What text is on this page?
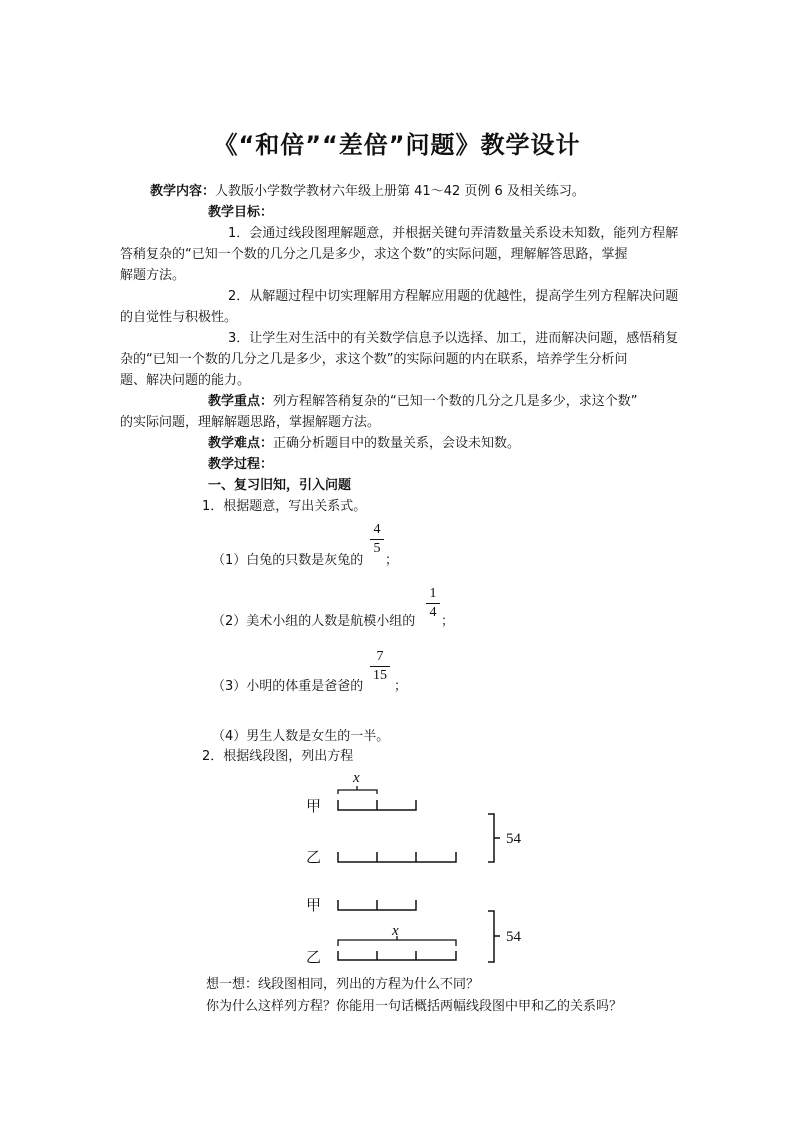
《“和倍”“差倍”问题》教学设计
教学内容：人教版小学数学教材六年级上册第 41～42 页例 6 及相关练习。
教学目标：
1．会通过线段图理解题意，并根据关键句弄清数量关系设未知数，能列方程解
答稍复杂的“已知一个数的几分之几是多少，求这个数”的实际问题，理解解答思路，掌握
解题方法。
2．从解题过程中切实理解用方程解应用题的优越性，提高学生列方程解决问题
的自觉性与积极性。
3．让学生对生活中的有关数学信息予以选择、加工，进而解决问题，感悟稍复
杂的“已知一个数的几分之几是多少，求这个数”的实际问题的内在联系，培养学生分析问
题、解决问题的能力。
教学重点：列方程解答稍复杂的“已知一个数的几分之几是多少，求这个数”
的实际问题，理解解题思路，掌握解题方法。
教学难点：正确分析题目中的数量关系，会设未知数。
教学过程：
一、复习旧知，引入问题
1．根据题意，写出关系式。
（1）白兔的只数是灰兔的
4
5
；
（2）美术小组的人数是航模小组的
1
4
；
（3）小明的体重是爸爸的
7
15
；
（4）男生人数是女生的一半。
2．根据线段图，列出方程
甲
x
乙
54
甲
x
乙
54
想一想：线段图相同，列出的方程为什么不同？
你为什么这样列方程？你能用一句话概括两幅线段图中甲和乙的关系吗？
